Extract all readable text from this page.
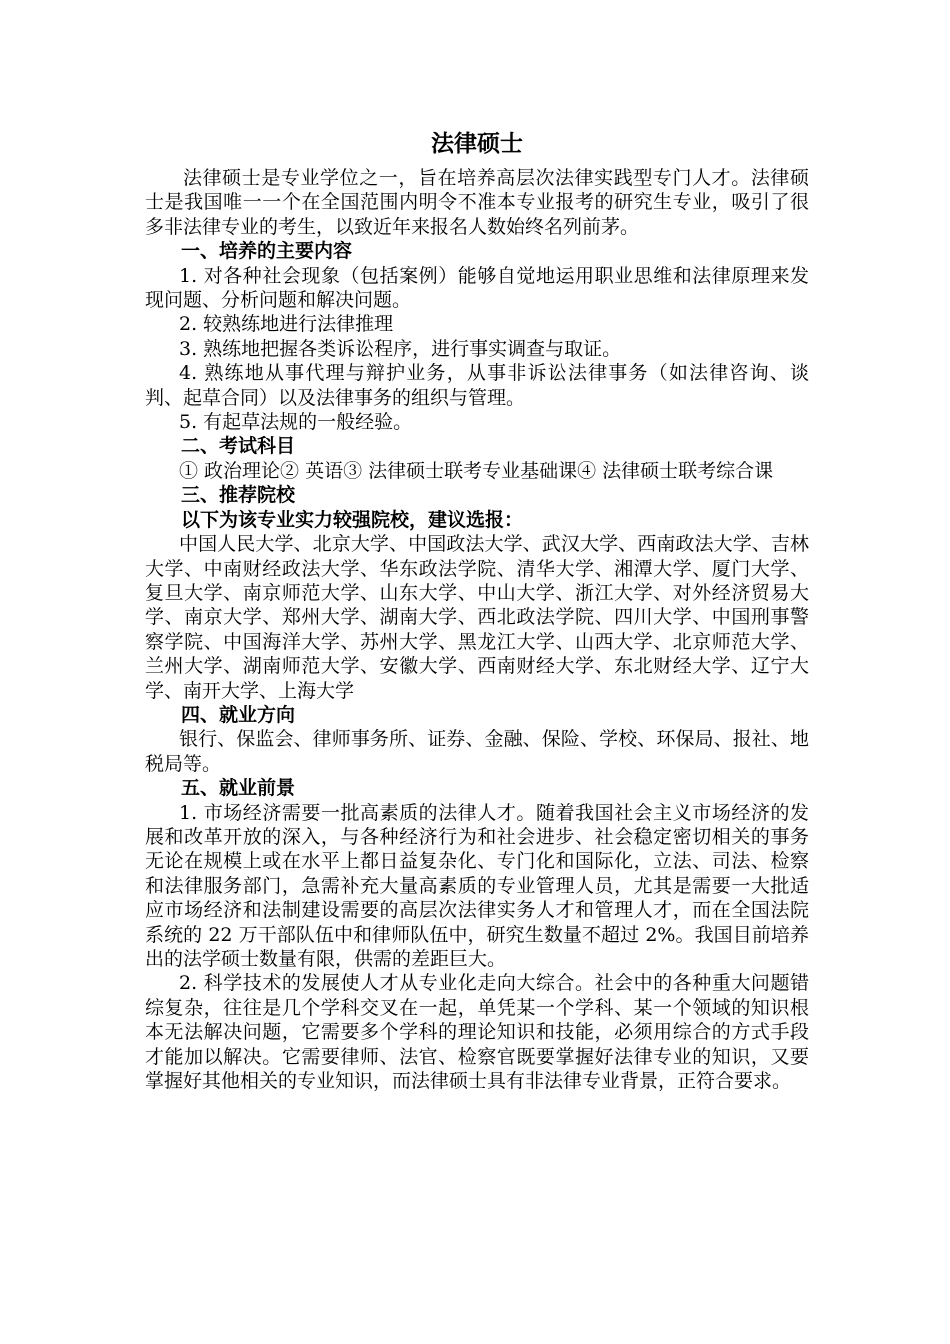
法律硕士

法律硕士是专业学位之一，旨在培养高层次法律实践型专门人才。法律硕士是我国唯一一个在全国范围内明令不准本专业报考的研究生专业，吸引了很多非法律专业的考生，以致近年来报名人数始终名列前茅。

一、培养的主要内容

1. 对各种社会现象（包括案例）能够自觉地运用职业思维和法律原理来发现问题、分析问题和解决问题。

2. 较熟练地进行法律推理

3. 熟练地把握各类诉讼程序，进行事实调查与取证。

4. 熟练地从事代理与辩护业务，从事非诉讼法律事务（如法律咨询、谈判、起草合同）以及法律事务的组织与管理。

5. 有起草法规的一般经验。

二、考试科目

① 政治理论② 英语③ 法律硕士联考专业基础课④ 法律硕士联考综合课

三、推荐院校

以下为该专业实力较强院校，建议选报：

中国人民大学、北京大学、中国政法大学、武汉大学、西南政法大学、吉林大学、中南财经政法大学、华东政法学院、清华大学、湘潭大学、厦门大学、复旦大学、南京师范大学、山东大学、中山大学、浙江大学、对外经济贸易大学、南京大学、郑州大学、湖南大学、西北政法学院、四川大学、中国刑事警察学院、中国海洋大学、苏州大学、黑龙江大学、山西大学、北京师范大学、兰州大学、湖南师范大学、安徽大学、西南财经大学、东北财经大学、辽宁大学、南开大学、上海大学

四、就业方向

银行、保监会、律师事务所、证券、金融、保险、学校、环保局、报社、地税局等。

五、就业前景

1. 市场经济需要一批高素质的法律人才。随着我国社会主义市场经济的发展和改革开放的深入，与各种经济行为和社会进步、社会稳定密切相关的事务无论在规模上或在水平上都日益复杂化、专门化和国际化，立法、司法、检察和法律服务部门，急需补充大量高素质的专业管理人员，尤其是需要一大批适应市场经济和法制建设需要的高层次法律实务人才和管理人才，而在全国法院系统的 22 万干部队伍中和律师队伍中，研究生数量不超过 2%。我国目前培养出的法学硕士数量有限，供需的差距巨大。

2. 科学技术的发展使人才从专业化走向大综合。社会中的各种重大问题错综复杂，往往是几个学科交叉在一起，单凭某一个学科、某一个领域的知识根本无法解决问题，它需要多个学科的理论知识和技能，必须用综合的方式手段才能加以解决。它需要律师、法官、检察官既要掌握好法律专业的知识，又要掌握好其他相关的专业知识，而法律硕士具有非法律专业背景，正符合要求。
